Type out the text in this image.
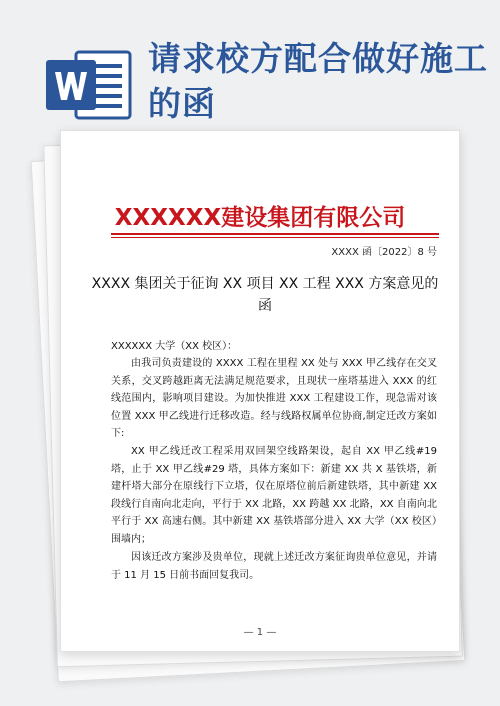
请求校方配合做好施工的函
XXXXXX建设集团有限公司
XXXX 函〔2022〕8 号
XXXX 集团关于征询 XX 项目 XX 工程 XXX 方案意见的函
XXXXXX 大学（XX 校区）：
由我司负责建设的 XXXX 工程在里程 XX 处与 XXX 甲乙线存在交叉关系，交叉跨越距离无法满足规范要求，且现状一座塔基进入 XXX 的红线范围内，影响项目建设。为加快推进 XXX 工程建设工作，现急需对该位置 XXX 甲乙线进行迁移改造。经与线路权属单位协商,制定迁改方案如下:
XX 甲乙线迁改工程采用双回架空线路架设，起自 XX 甲乙线#19 塔，止于 XX 甲乙线#29 塔，具体方案如下：新建 XX 共 X 基铁塔，新建杆塔大部分在原线行下立塔，仅在原塔位前后新建铁塔，其中新建 XX 段线行自南向北走向，平行于 XX 北路，XX 跨越 XX 北路，XX 自南向北平行于 XX 高速右侧。其中新建 XX 基铁塔部分进入 XX 大学（XX 校区）围墙内；
因该迁改方案涉及贵单位，现就上述迁改方案征询贵单位意见，并请于 11 月 15 日前书面回复我司。
— 1 —
